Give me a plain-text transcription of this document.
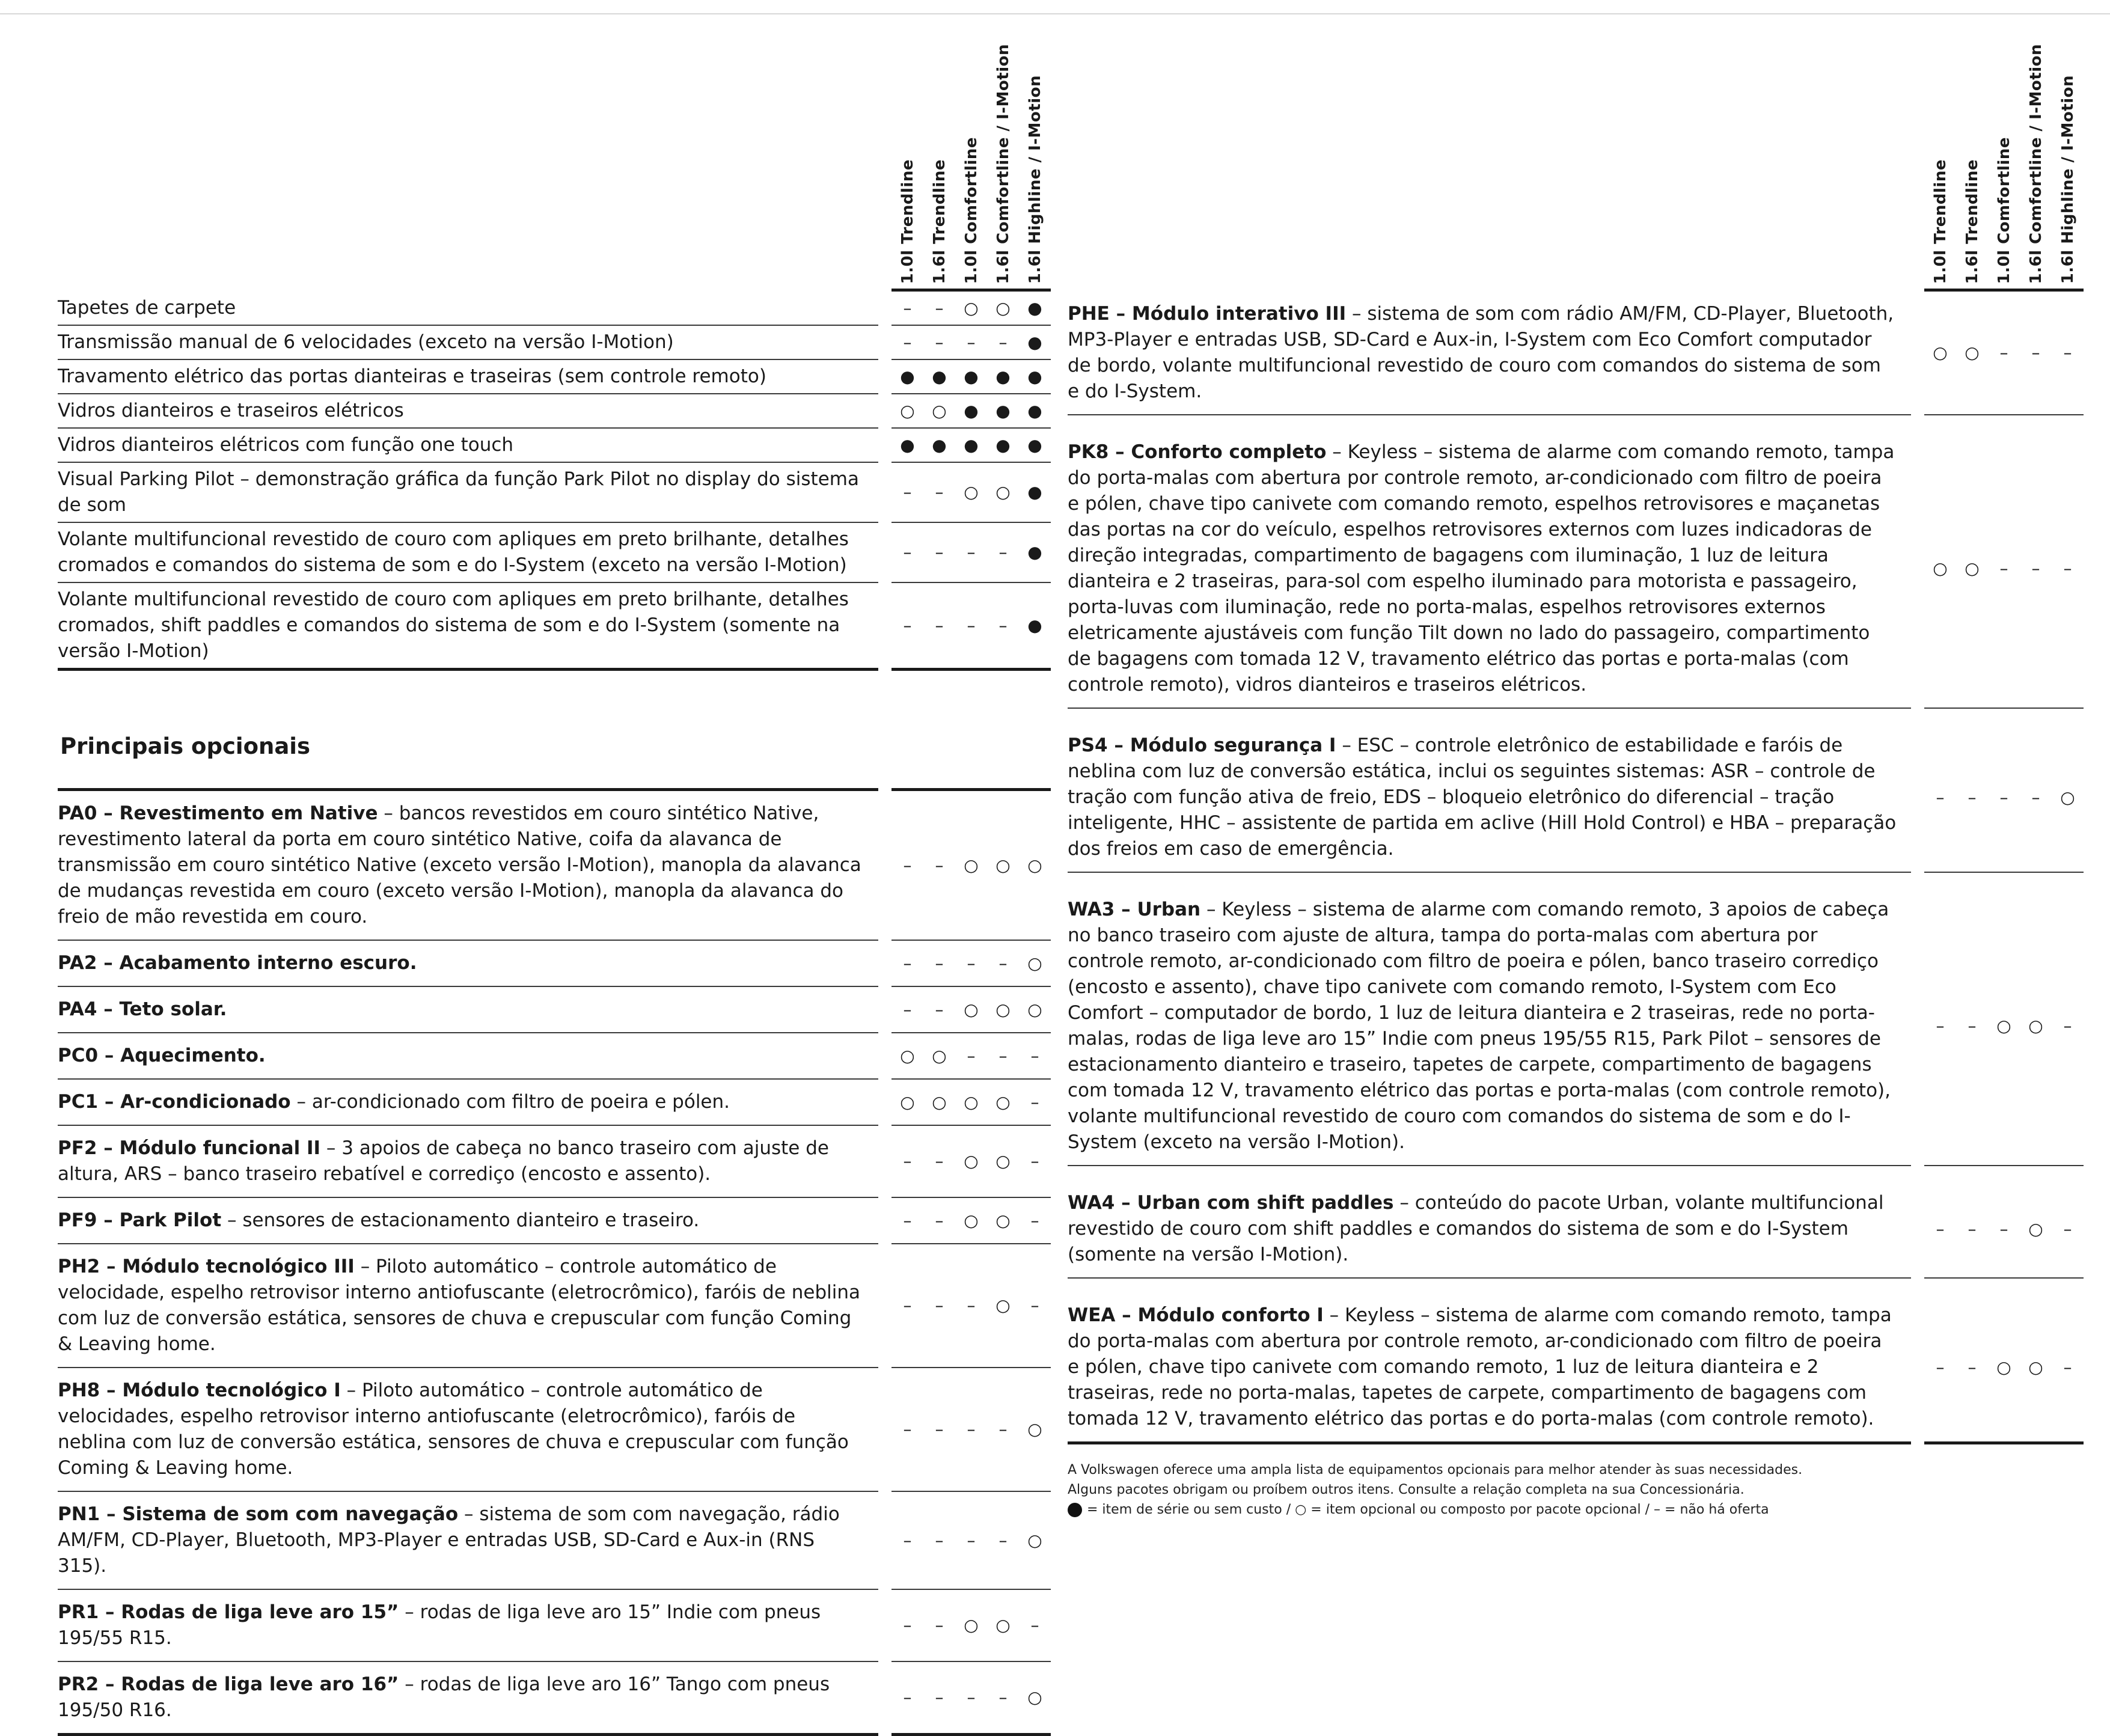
1.0l Trendline 1.6l Trendline 1.0l Comfortline 1.6l Comfortline / I-Motion 1.6l Highline / I-Motion
Tapetes de carpete	–	–	○	○	●
Transmissão manual de 6 velocidades (exceto na versão I-Motion)	–	–	–	–	●
Travamento elétrico das portas dianteiras e traseiras (sem controle remoto)	●	●	●	●	●
Vidros dianteiros e traseiros elétricos	○	○	●	●	●
Vidros dianteiros elétricos com função one touch	●	●	●	●	●
Visual Parking Pilot – demonstração gráfica da função Park Pilot no display do sistema de som
–	–	○	○	●
Volante multifuncional revestido de couro com apliques em preto brilhante, detalhes cromados e comandos do sistema de som e do I-System (exceto na versão I-Motion)
–	–	–	–	●
Volante multifuncional revestido de couro com apliques em preto brilhante, detalhes cromados, shift paddles e comandos do sistema de som e do I-System (somente na versão I-Motion)
–	–	–	–	●
Principais opcionais
PA0 – Revestimento em Native – bancos revestidos em couro sintético Native, revestimento lateral da porta em couro sintético Native, coifa da alavanca de transmissão em couro sintético Native (exceto versão I-Motion), manopla da alavanca de mudanças revestida em couro (exceto versão I-Motion), manopla da alavanca do freio de mão revestida em couro.
–	–	○	○	○
PA2 – Acabamento interno escuro.	–	–	–	–	○
PA4 – Teto solar.	–	–	○	○	○
PC0 – Aquecimento.	○	○	–	–	–
PC1 – Ar-condicionado – ar-condicionado com filtro de poeira e pólen.	○	○	○	○	–
PF2 – Módulo funcional II – 3 apoios de cabeça no banco traseiro com ajuste de altura, ARS – banco traseiro rebatível e corrediço (encosto e assento).
–	–	○	○	–
PF9 – Park Pilot – sensores de estacionamento dianteiro e traseiro.	–	–	○	○	–
PH2 – Módulo tecnológico III – Piloto automático – controle automático de velocidade, espelho retrovisor interno antiofuscante (eletrocrômico), faróis de neblina com luz de conversão estática, sensores de chuva e crepuscular com função Coming & Leaving home.
–	–	–	○	–
PH8 – Módulo tecnológico I – Piloto automático – controle automático de velocidades, espelho retrovisor interno antiofuscante (eletrocrômico), faróis de neblina com luz de conversão estática, sensores de chuva e crepuscular com função Coming & Leaving home.
–	–	–	–	○
PN1 – Sistema de som com navegação – sistema de som com navegação, rádio AM/FM, CD-Player, Bluetooth, MP3-Player e entradas USB, SD-Card e Aux-in (RNS 315).
–	–	–	–	○
PR1 – Rodas de liga leve aro 15” – rodas de liga leve aro 15” Indie com pneus 195/55 R15.
–	–	○	○	–
PR2 – Rodas de liga leve aro 16” – rodas de liga leve aro 16” Tango com pneus 195/50 R16.
–	–	–	–	○
1.0l Trendline 1.6l Trendline 1.0l Comfortline 1.6l Comfortline / I-Motion 1.6l Highline / I-Motion
PHE – Módulo interativo III – sistema de som com rádio AM/FM, CD-Player, Bluetooth, MP3-Player e entradas USB, SD-Card e Aux-in, I-System com Eco Comfort computador de bordo, volante multifuncional revestido de couro com comandos do sistema de som e do I-System.
○	○	–	–	–
PK8 – Conforto completo – Keyless – sistema de alarme com comando remoto, tampa do porta-malas com abertura por controle remoto, ar-condicionado com filtro de poeira e pólen, chave tipo canivete com comando remoto, espelhos retrovisores e maçanetas das portas na cor do veículo, espelhos retrovisores externos com luzes indicadoras de direção integradas, compartimento de bagagens com iluminação, 1 luz de leitura dianteira e 2 traseiras, para-sol com espelho iluminado para motorista e passageiro, porta-luvas com iluminação, rede no porta-malas, espelhos retrovisores externos eletricamente ajustáveis com função Tilt down no lado do passageiro, compartimento de bagagens com tomada 12 V, travamento elétrico das portas e porta-malas (com controle remoto), vidros dianteiros e traseiros elétricos.
○	○	–	–	–
PS4 – Módulo segurança I – ESC – controle eletrônico de estabilidade e faróis de neblina com luz de conversão estática, inclui os seguintes sistemas: ASR – controle de tração com função ativa de freio, EDS – bloqueio eletrônico do diferencial – tração inteligente, HHC – assistente de partida em aclive (Hill Hold Control) e HBA – preparação dos freios em caso de emergência.
–	–	–	–	○
WA3 – Urban – Keyless – sistema de alarme com comando remoto, 3 apoios de cabeça no banco traseiro com ajuste de altura, tampa do porta-malas com abertura por controle remoto, ar-condicionado com filtro de poeira e pólen, banco traseiro corrediço (encosto e assento), chave tipo canivete com comando remoto, I-System com Eco Comfort – computador de bordo, 1 luz de leitura dianteira e 2 traseiras, rede no porta-malas, rodas de liga leve aro 15” Indie com pneus 195/55 R15, Park Pilot – sensores de estacionamento dianteiro e traseiro, tapetes de carpete, compartimento de bagagens com tomada 12 V, travamento elétrico das portas e porta-malas (com controle remoto), volante multifuncional revestido de couro com comandos do sistema de som e do I-System (exceto na versão I-Motion).
–	–	○	○	–
WA4 – Urban com shift paddles – conteúdo do pacote Urban, volante multifuncional revestido de couro com shift paddles e comandos do sistema de som e do I-System (somente na versão I-Motion).
–	–	–	○	–
WEA – Módulo conforto I – Keyless – sistema de alarme com comando remoto, tampa do porta-malas com abertura por controle remoto, ar-condicionado com filtro de poeira e pólen, chave tipo canivete com comando remoto, 1 luz de leitura dianteira e 2 traseiras, rede no porta-malas, tapetes de carpete, compartimento de bagagens com tomada 12 V, travamento elétrico das portas e do porta-malas (com controle remoto).
–	–	○	○	–
A Volkswagen oferece uma ampla lista de equipamentos opcionais para melhor atender às suas necessidades.
Alguns pacotes obrigam ou proíbem outros itens. Consulte a relação completa na sua Concessionária.
= item de série ou sem custo / ○ = item opcional ou composto por pacote opcional / – = não há oferta
